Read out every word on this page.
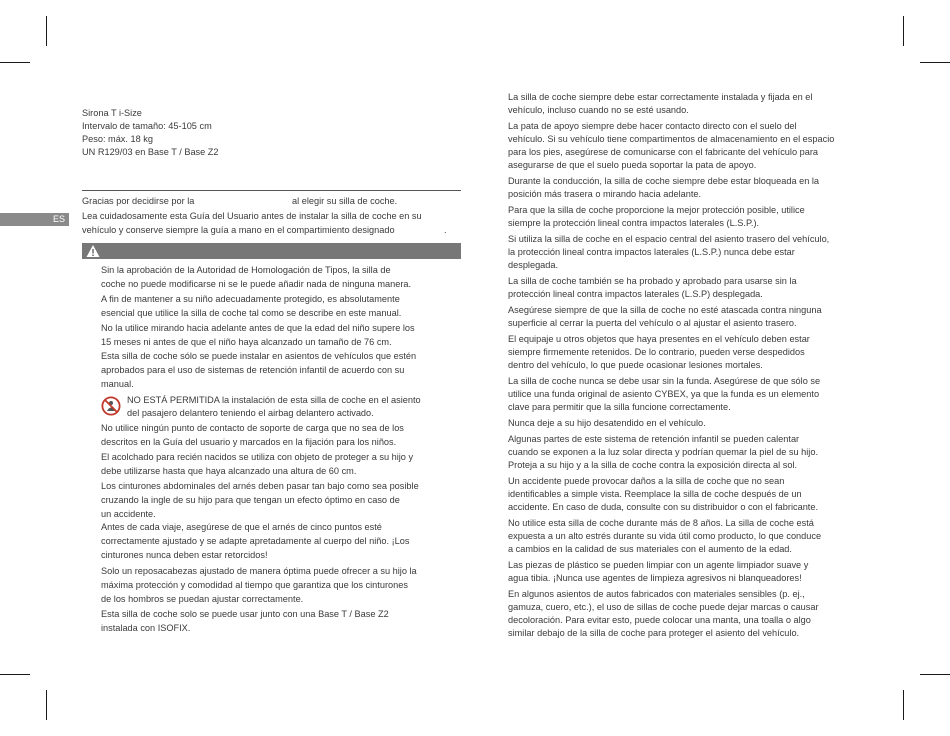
Sirona T i-Size

Intervalo de tamaño: 45-105 cm

Peso: máx. 18 kg

UN R129/03 en Base T / Base Z2

Gracias por decidirse por la	al elegir su silla de coche.

ES Lea cuidadosamente esta Guía del Usuario antes de instalar la silla de coche en su

vehículo y conserve siempre la guía a mano en el compartimiento designado	.

Sin la aprobación de la Autoridad de Homologación de Tipos, la silla de

coche no puede modificarse ni se le puede añadir nada de ninguna manera.

A fin de mantener a su niño adecuadamente protegido, es absolutamente

esencial que utilice la silla de coche tal como se describe en este manual.

No la utilice mirando hacia adelante antes de que la edad del niño supere los

15 meses ni antes de que el niño haya alcanzado un tamaño de 76 cm.

Esta silla de coche sólo se puede instalar en asientos de vehículos que estén

aprobados para el uso de sistemas de retención infantil de acuerdo con su

manual.

NO ESTÁ PERMITIDA la instalación de esta silla de coche en el asiento

del pasajero delantero teniendo el airbag delantero activado.

No utilice ningún punto de contacto de soporte de carga que no sea de los

descritos en la Guía del usuario y marcados en la fijación para los niños.

El acolchado para recién nacidos se utiliza con objeto de proteger a su hijo y

debe utilizarse hasta que haya alcanzado una altura de 60 cm.

Los cinturones abdominales del arnés deben pasar tan bajo como sea posible

cruzando la ingle de su hijo para que tengan un efecto óptimo en caso de

un accidente.

Antes de cada viaje, asegúrese de que el arnés de cinco puntos esté

correctamente ajustado y se adapte apretadamente al cuerpo del niño. ¡Los

cinturones nunca deben estar retorcidos!

Solo un reposacabezas ajustado de manera óptima puede ofrecer a su hijo la

máxima protección y comodidad al tiempo que garantiza que los cinturones

de los hombros se puedan ajustar correctamente.

Esta silla de coche solo se puede usar junto con una Base T / Base Z2

instalada con ISOFIX.

La silla de coche siempre debe estar correctamente instalada y fijada en el

vehículo, incluso cuando no se esté usando.

La pata de apoyo siempre debe hacer contacto directo con el suelo del

vehículo. Si su vehículo tiene compartimentos de almacenamiento en el espacio

para los pies, asegúrese de comunicarse con el fabricante del vehículo para

asegurarse de que el suelo pueda soportar la pata de apoyo.

Durante la conducción, la silla de coche siempre debe estar bloqueada en la

posición más trasera o mirando hacia adelante.

Para que la silla de coche proporcione la mejor protección posible, utilice

siempre la protección lineal contra impactos laterales (L.S.P.).

Si utiliza la silla de coche en el espacio central del asiento trasero del vehículo,

la protección lineal contra impactos laterales (L.S.P.) nunca debe estar

desplegada.

La silla de coche también se ha probado y aprobado para usarse sin la

protección lineal contra impactos laterales (L.S.P) desplegada.

Asegúrese siempre de que la silla de coche no esté atascada contra ninguna

superficie al cerrar la puerta del vehículo o al ajustar el asiento trasero.

El equipaje u otros objetos que haya presentes en el vehículo deben estar

siempre firmemente retenidos. De lo contrario, pueden verse despedidos

dentro del vehículo, lo que puede ocasionar lesiones mortales.

La silla de coche nunca se debe usar sin la funda. Asegúrese de que sólo se

utilice una funda original de asiento CYBEX, ya que la funda es un elemento

clave para permitir que la silla funcione correctamente.

Nunca deje a su hijo desatendido en el vehículo.

Algunas partes de este sistema de retención infantil se pueden calentar

cuando se exponen a la luz solar directa y podrían quemar la piel de su hijo.

Proteja a su hijo y a la silla de coche contra la exposición directa al sol.

Un accidente puede provocar daños a la silla de coche que no sean

identificables a simple vista. Reemplace la silla de coche después de un

accidente. En caso de duda, consulte con su distribuidor o con el fabricante.

No utilice esta silla de coche durante más de 8 años. La silla de coche está

expuesta a un alto estrés durante su vida útil como producto, lo que conduce

a cambios en la calidad de sus materiales con el aumento de la edad.

Las piezas de plástico se pueden limpiar con un agente limpiador suave y

agua tibia. ¡Nunca use agentes de limpieza agresivos ni blanqueadores!

En algunos asientos de autos fabricados con materiales sensibles (p. ej.,

gamuza, cuero, etc.), el uso de sillas de coche puede dejar marcas o causar

decoloración. Para evitar esto, puede colocar una manta, una toalla o algo

similar debajo de la silla de coche para proteger el asiento del vehículo.
